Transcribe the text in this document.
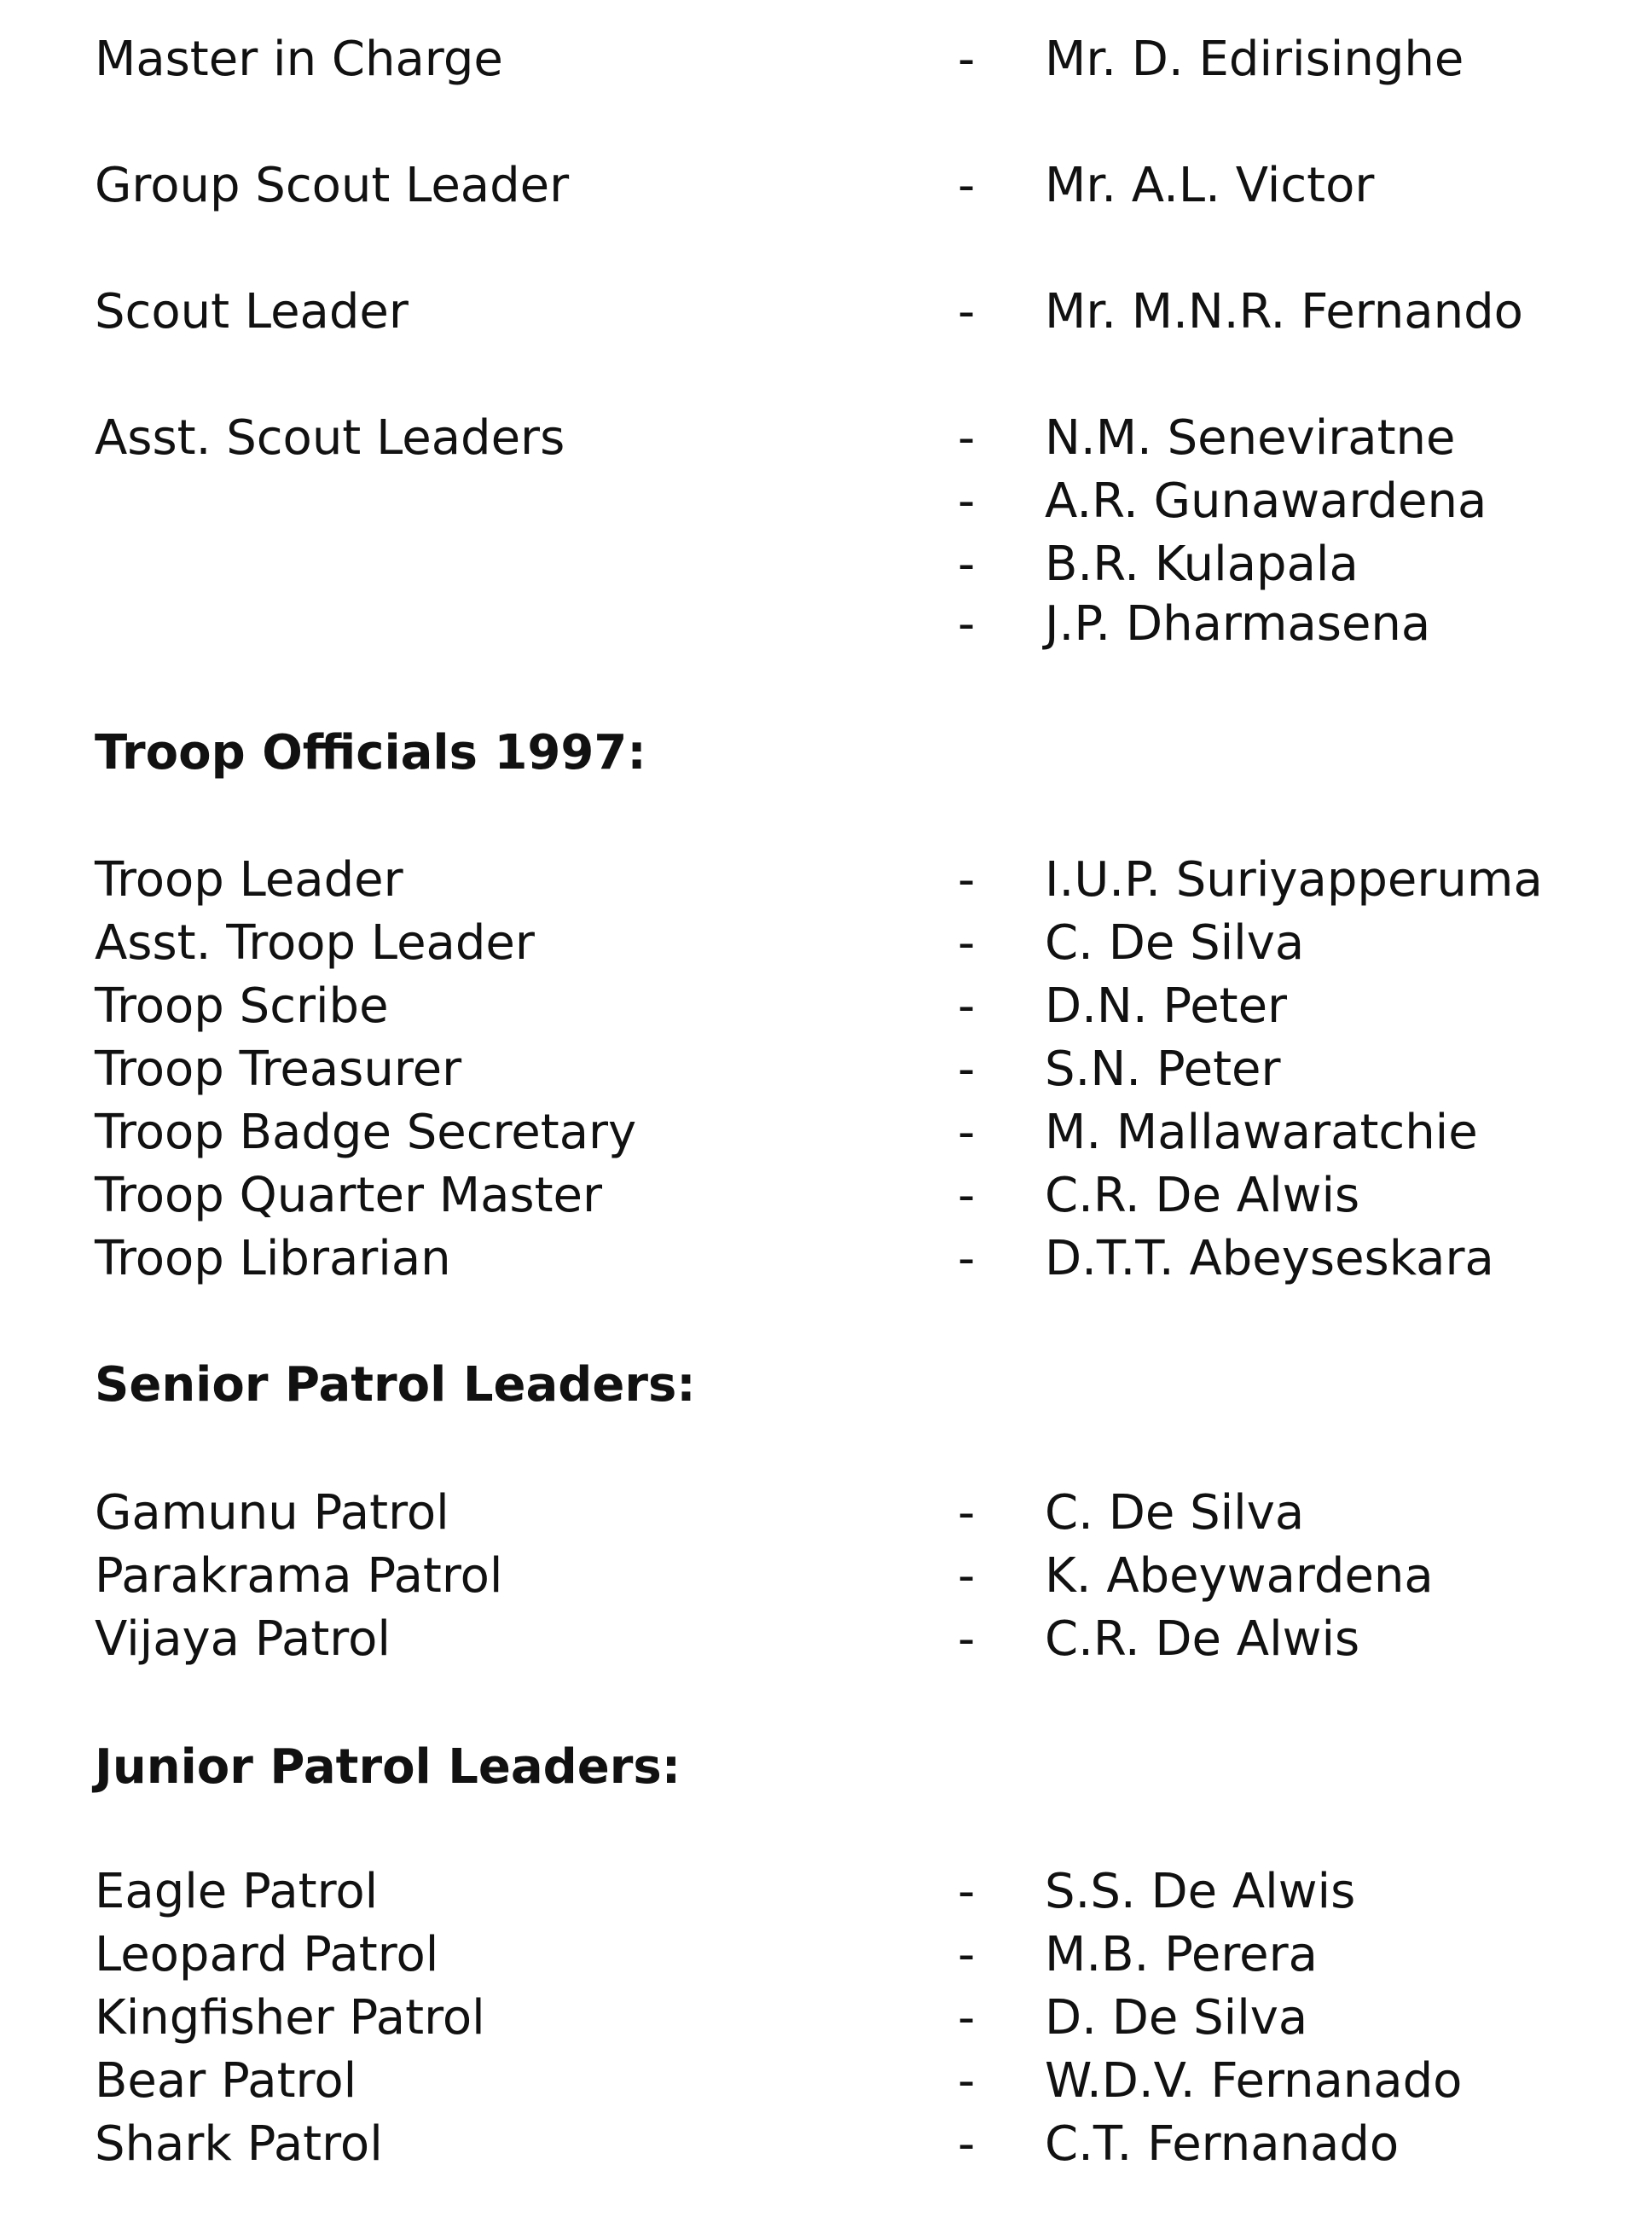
Master in Charge	- Mr. D. Edirisinghe
Group Scout Leader	- Mr. A.L. Victor
Scout Leader	- Mr. M.N.R. Fernando
Asst. Scout Leaders	- N.M. Seneviratne
- A.R. Gunawardena
- B.R. Kulapala
- J.P. Dharmasena
Troop Officials 1997:
Troop Leader	- I.U.P. Suriyapperuma
Asst. Troop Leader	- C. De Silva
Troop Scribe	- D.N. Peter
Troop Treasurer	- S.N. Peter
Troop Badge Secretary	- M. Mallawaratchie
Troop Quarter Master	- C.R. De Alwis
Troop Librarian	- D.T.T. Abeyseskara
Senior Patrol Leaders:
Gamunu Patrol	- C. De Silva
Parakrama Patrol	- K. Abeywardena
Vijaya Patrol	- C.R. De Alwis
Junior Patrol Leaders:
Eagle Patrol	- S.S. De Alwis
Leopard Patrol	- M.B. Perera
Kingfisher Patrol	- D. De Silva
Bear Patrol	- W.D.V. Fernanado
Shark Patrol	- C.T. Fernanado
